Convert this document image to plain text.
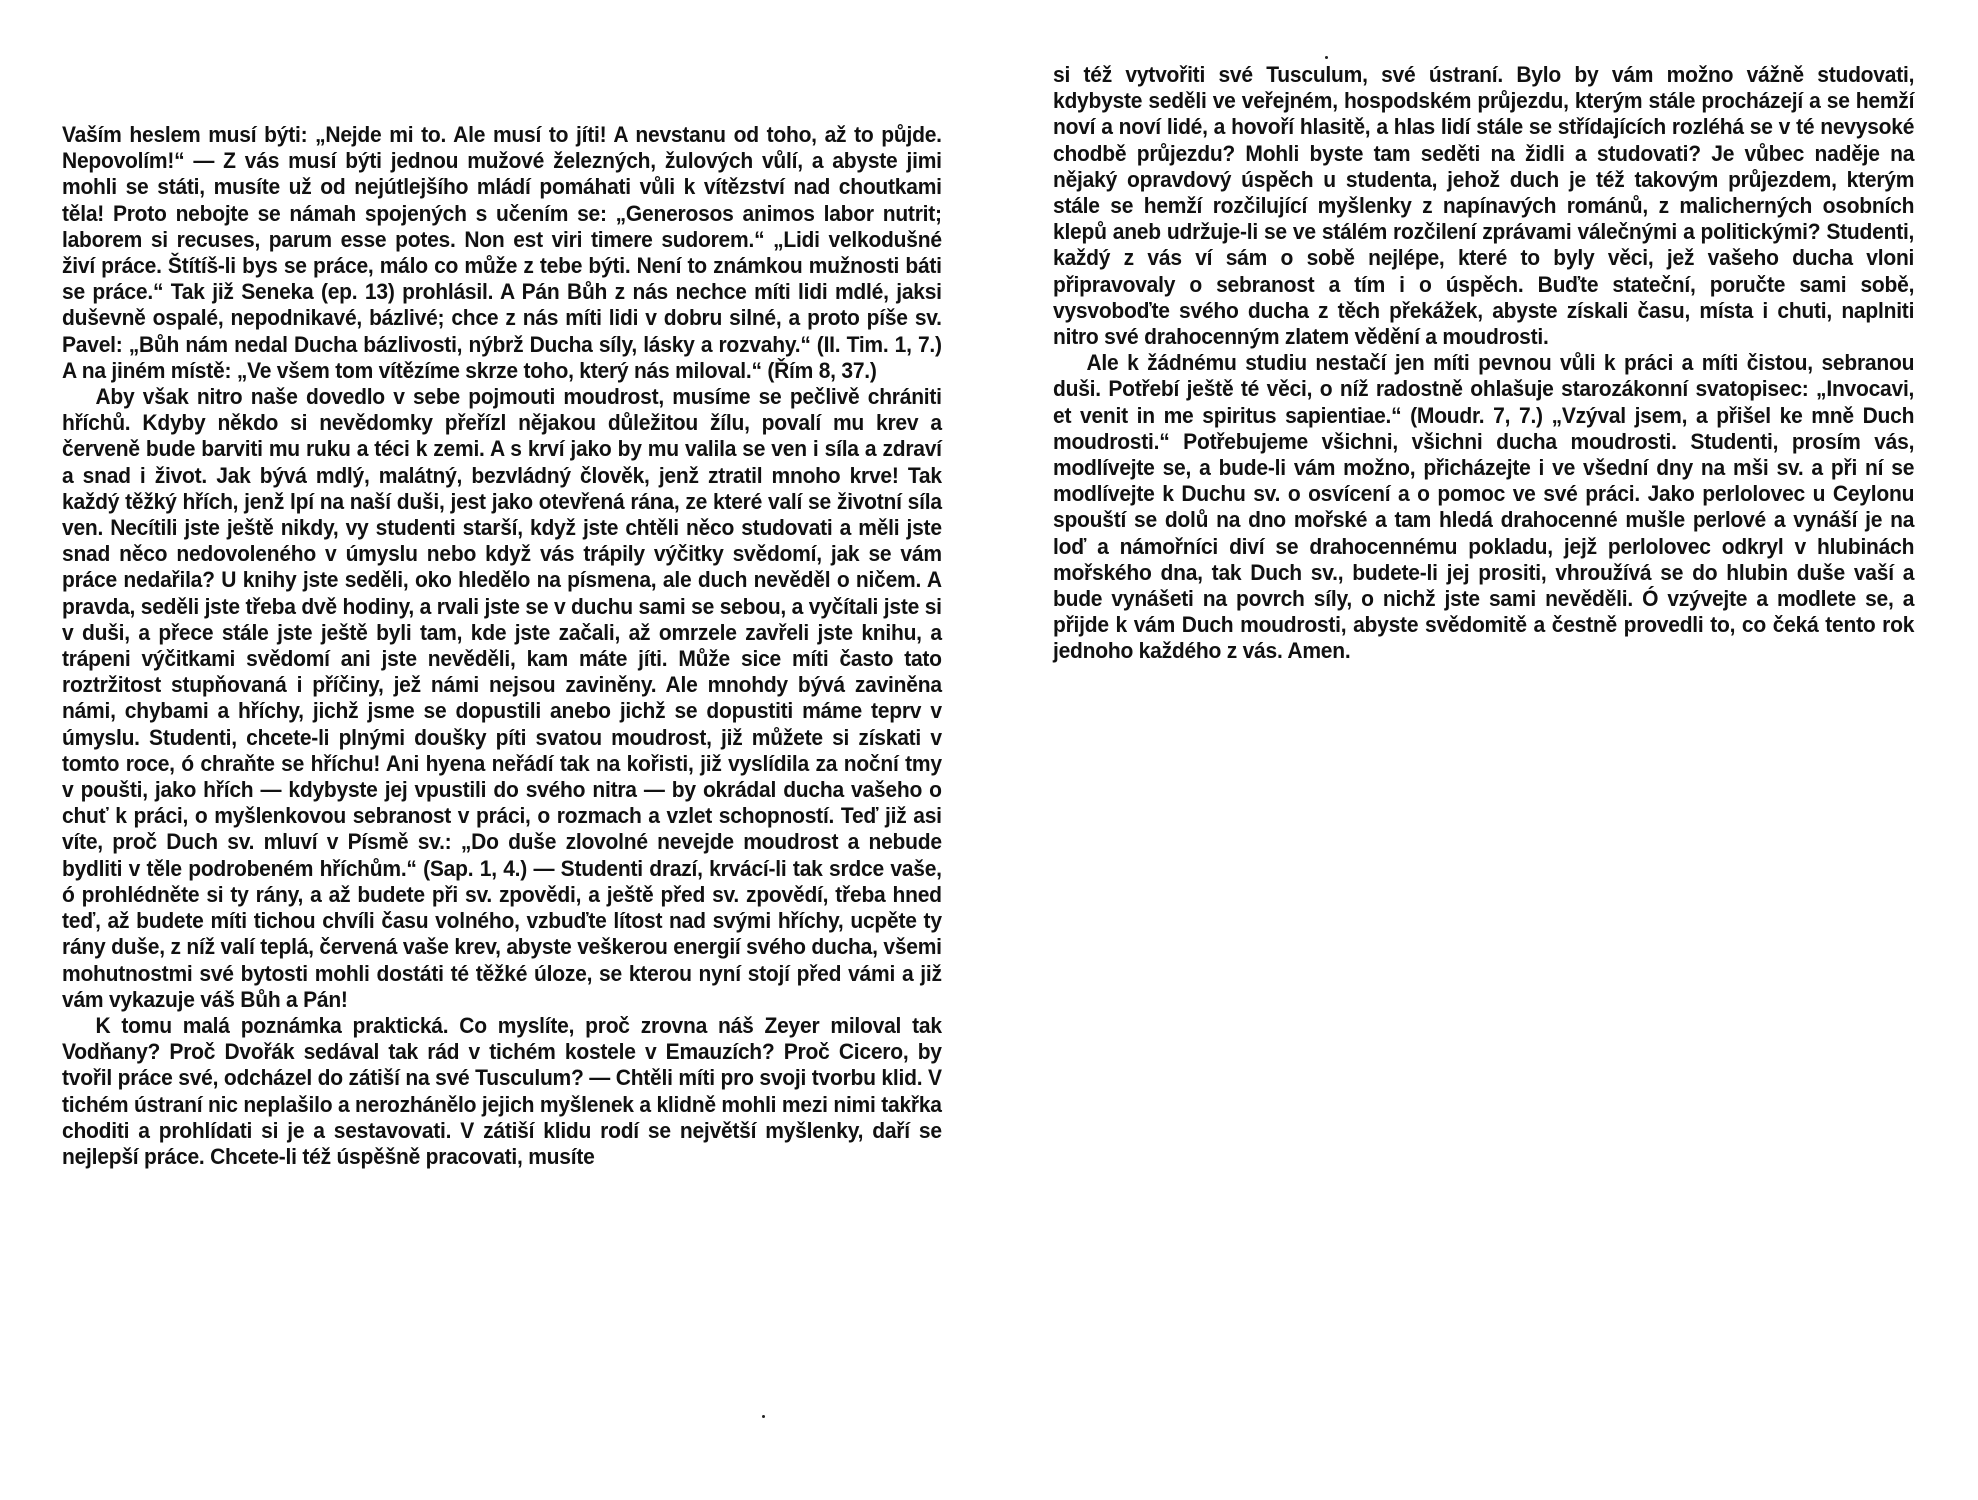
Vaším heslem musí býti: „Nejde mi to. Ale musí to jíti! A nevstanu od toho, až to půjde. Nepovolím!“ — Z vás musí býti jednou mužové železných, žulových vůlí, a abyste jimi mohli se státi, musíte už od nejútlejšího mládí pomáhati vůli k vítězství nad choutkami těla! Proto nebojte se námah spojených s učením se: „Generosos animos labor nutrit; laborem si recuses, parum esse potes. Non est viri timere sudorem.“ „Lidi velkodušné živí práce. Štítíš-li bys se práce, málo co může z tebe býti. Není to známkou mužnosti báti se práce.“ Tak již Seneka (ep. 13) prohlásil. A Pán Bůh z nás nechce míti lidi mdlé, jaksi duševně ospalé, nepodnikavé, bázlivé; chce z nás míti lidi v dobru silné, a proto píše sv. Pavel: „Bůh nám nedal Ducha bázlivosti, nýbrž Ducha síly, lásky a rozvahy.“ (II. Tim. 1, 7.) A na jiném místě: „Ve všem tom vítězíme skrze toho, který nás miloval.“ (Řím 8, 37.)

Aby však nitro naše dovedlo v sebe pojmouti moudrost, musíme se pečlivě chrániti hříchů. Kdyby někdo si nevědomky přeřízl nějakou důležitou žílu, povalí mu krev a červeně bude barviti mu ruku a téci k zemi. A s krví jako by mu valila se ven i síla a zdraví a snad i život. Jak bývá mdlý, malátný, bezvládný člověk, jenž ztratil mnoho krve! Tak každý těžký hřích, jenž lpí na naší duši, jest jako otevřená rána, ze které valí se životní síla ven. Necítili jste ještě nikdy, vy studenti starší, když jste chtěli něco studovati a měli jste snad něco nedovoleného v úmyslu nebo když vás trápily výčitky svědomí, jak se vám práce nedařila? U knihy jste seděli, oko hledělo na písmena, ale duch nevěděl o ničem. A pravda, seděli jste třeba dvě hodiny, a rvali jste se v duchu sami se sebou, a vyčítali jste si v duši, a přece stále jste ještě byli tam, kde jste začali, až omrzele zavřeli jste knihu, a trápeni výčitkami svědomí ani jste nevěděli, kam máte jíti. Může sice míti často tato roztržitost stupňovaná i příčiny, jež námi nejsou zaviněny. Ale mnohdy bývá zaviněna námi, chybami a hříchy, jichž jsme se dopustili anebo jichž se dopustiti máme teprv v úmyslu. Studenti, chcete-li plnými doušky píti svatou moudrost, již můžete si získati v tomto roce, ó chraňte se hříchu! Ani hyena neřádí tak na kořisti, již vyslídila za noční tmy v poušti, jako hřích — kdybyste jej vpustili do svého nitra — by okrádal ducha vašeho o chuť k práci, o myšlenkovou sebranost v práci, o rozmach a vzlet schopností. Teď již asi víte, proč Duch sv. mluví v Písmě sv.: „Do duše zlovolné nevejde moudrost a nebude bydliti v těle podrobeném hříchům.“ (Sap. 1, 4.) — Studenti drazí, krvácí-li tak srdce vaše, ó prohlédněte si ty rány, a až budete při sv. zpovědi, a ještě před sv. zpovědí, třeba hned teď, až budete míti tichou chvíli času volného, vzbuďte lítost nad svými hříchy, ucpěte ty rány duše, z níž valí teplá, červená vaše krev, abyste veškerou energií svého ducha, všemi mohutnostmi své bytosti mohli dostáti té těžké úloze, se kterou nyní stojí před vámi a již vám vykazuje váš Bůh a Pán!

K tomu malá poznámka praktická. Co myslíte, proč zrovna náš Zeyer miloval tak Vodňany? Proč Dvořák sedával tak rád v tichém kostele v Emauzích? Proč Cicero, by tvořil práce své, odcházel do zátiší na své Tusculum? — Chtěli míti pro svoji tvorbu klid. V tichém ústraní nic neplašilo a nerozhánělo jejich myšlenek a klidně mohli mezi nimi takřka choditi a prohlídati si je a sestavovati. V zátiší klidu rodí se největší myšlenky, daří se nejlepší práce. Chcete-li též úspěšně pracovati, musíte

si též vytvořiti své Tusculum, své ústraní. Bylo by vám možno vážně studovati, kdybyste seděli ve veřejném, hospodském průjezdu, kterým stále procházejí a se hemží noví a noví lidé, a hovoří hlasitě, a hlas lidí stále se střídajících rozléhá se v té nevysoké chodbě průjezdu? Mohli byste tam seděti na židli a studovati? Je vůbec naděje na nějaký opravdový úspěch u studenta, jehož duch je též takovým průjezdem, kterým stále se hemží rozčilující myšlenky z napínavých románů, z malicherných osobních klepů aneb udržuje-li se ve stálém rozčilení zprávami válečnými a politickými? Studenti, každý z vás ví sám o sobě nejlépe, které to byly věci, jež vašeho ducha vloni připravovaly o sebranost a tím i o úspěch. Buďte stateční, poručte sami sobě, vysvoboďte svého ducha z těch překážek, abyste získali času, místa i chuti, naplniti nitro své drahocenným zlatem vědění a moudrosti.

Ale k žádnému studiu nestačí jen míti pevnou vůli k práci a míti čistou, sebranou duši. Potřebí ještě té věci, o níž radostně ohlašuje starozákonní svatopisec: „Invocavi, et venit in me spiritus sapientiae.“ (Moudr. 7, 7.) „Vzýval jsem, a přišel ke mně Duch moudrosti.“ Potřebujeme všichni, všichni ducha moudrosti. Studenti, prosím vás, modlívejte se, a bude-li vám možno, přicházejte i ve všední dny na mši sv. a při ní se modlívejte k Duchu sv. o osvícení a o pomoc ve své práci. Jako perlolovec u Ceylonu spouští se dolů na dno mořské a tam hledá drahocenné mušle perlové a vynáší je na loď a námořníci diví se drahocennému pokladu, jejž perlolovec odkryl v hlubinách mořského dna, tak Duch sv., budete-li jej prositi, vhroužívá se do hlubin duše vaší a bude vynášeti na povrch síly, o nichž jste sami nevěděli. Ó vzývejte a modlete se, a přijde k vám Duch moudrosti, abyste svědomitě a čestně provedli to, co čeká tento rok jednoho každého z vás. Amen.
